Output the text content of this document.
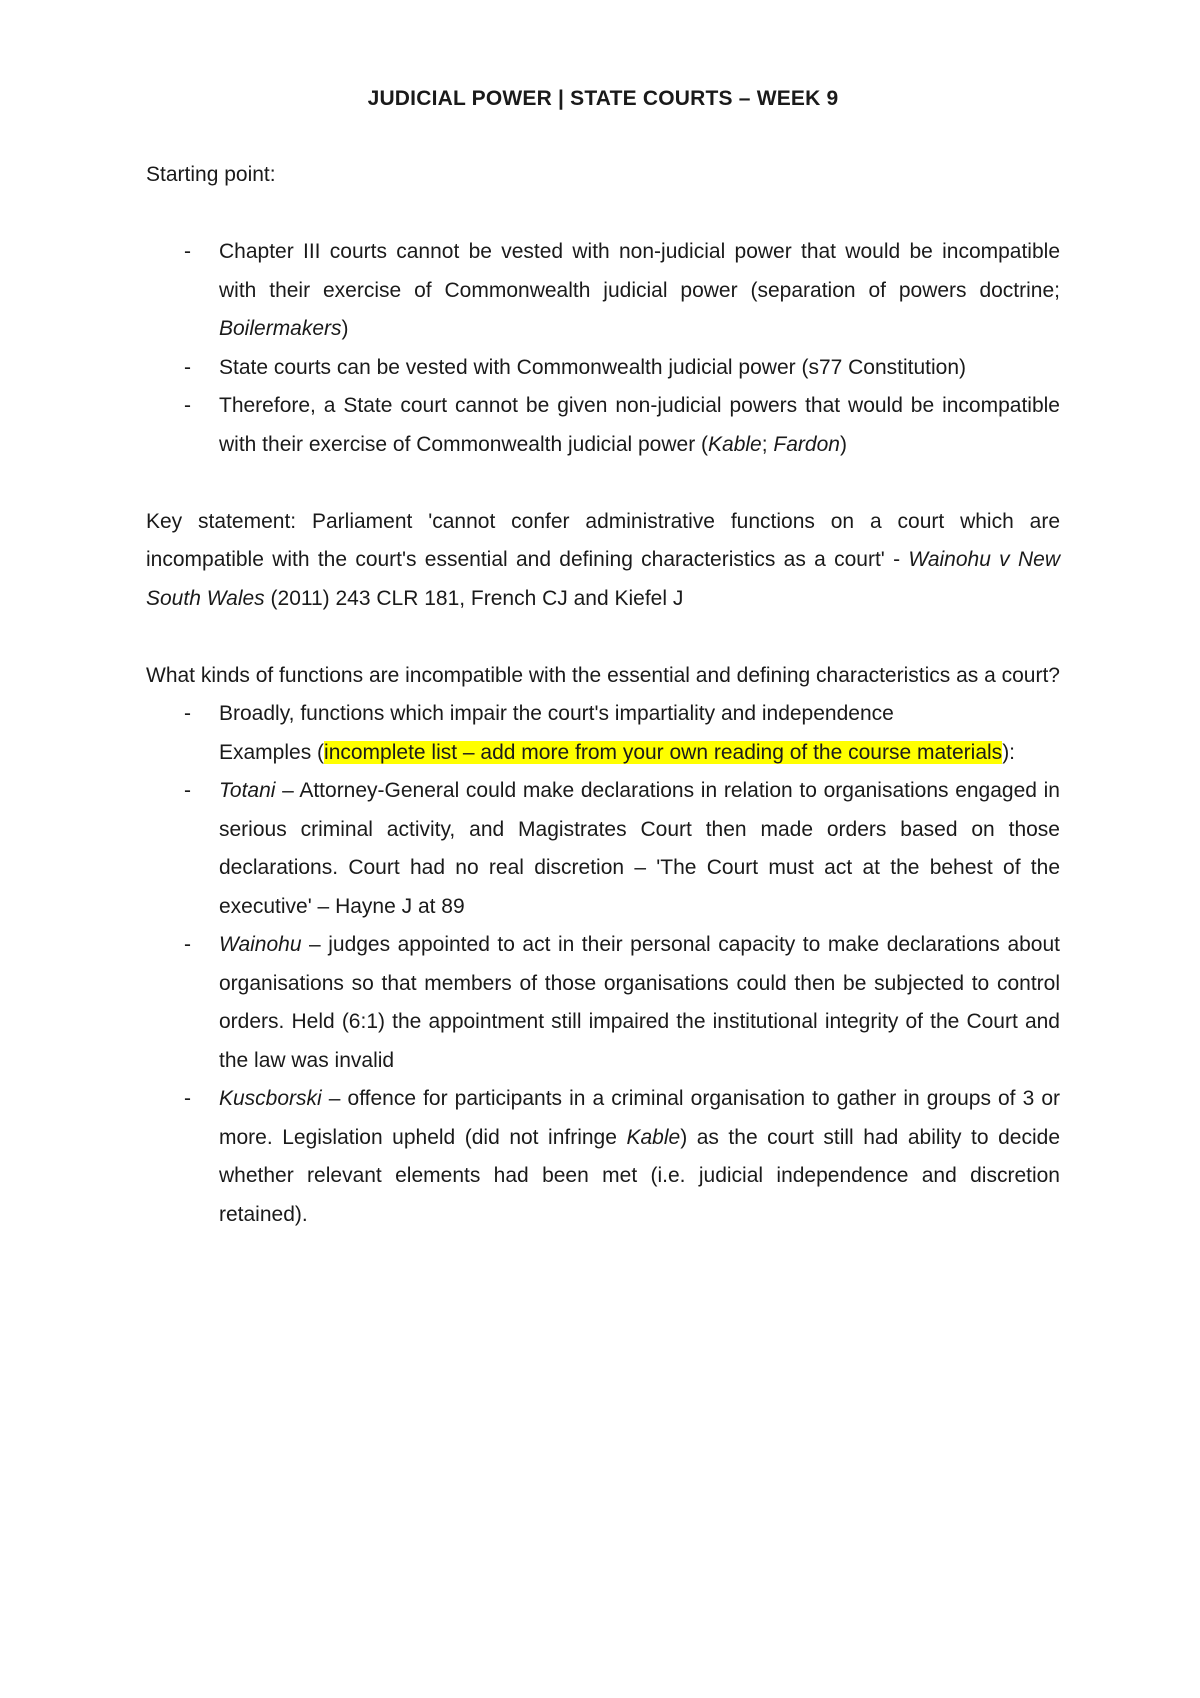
JUDICIAL POWER | STATE COURTS – WEEK 9

Starting point:

- Chapter III courts cannot be vested with non-judicial power that would be incompatible with their exercise of Commonwealth judicial power (separation of powers doctrine; Boilermakers)
- State courts can be vested with Commonwealth judicial power (s77 Constitution)
- Therefore, a State court cannot be given non-judicial powers that would be incompatible with their exercise of Commonwealth judicial power (Kable; Fardon)

Key statement: Parliament 'cannot confer administrative functions on a court which are incompatible with the court's essential and defining characteristics as a court' - Wainohu v New South Wales (2011) 243 CLR 181, French CJ and Kiefel J

What kinds of functions are incompatible with the essential and defining characteristics as a court?

- Broadly, functions which impair the court's impartiality and independence

Examples (incomplete list – add more from your own reading of the course materials):

- Totani – Attorney-General could make declarations in relation to organisations engaged in serious criminal activity, and Magistrates Court then made orders based on those declarations. Court had no real discretion – 'The Court must act at the behest of the executive' – Hayne J at 89
- Wainohu – judges appointed to act in their personal capacity to make declarations about organisations so that members of those organisations could then be subjected to control orders. Held (6:1) the appointment still impaired the institutional integrity of the Court and the law was invalid
- Kuscborski – offence for participants in a criminal organisation to gather in groups of 3 or more. Legislation upheld (did not infringe Kable) as the court still had ability to decide whether relevant elements had been met (i.e. judicial independence and discretion retained).
